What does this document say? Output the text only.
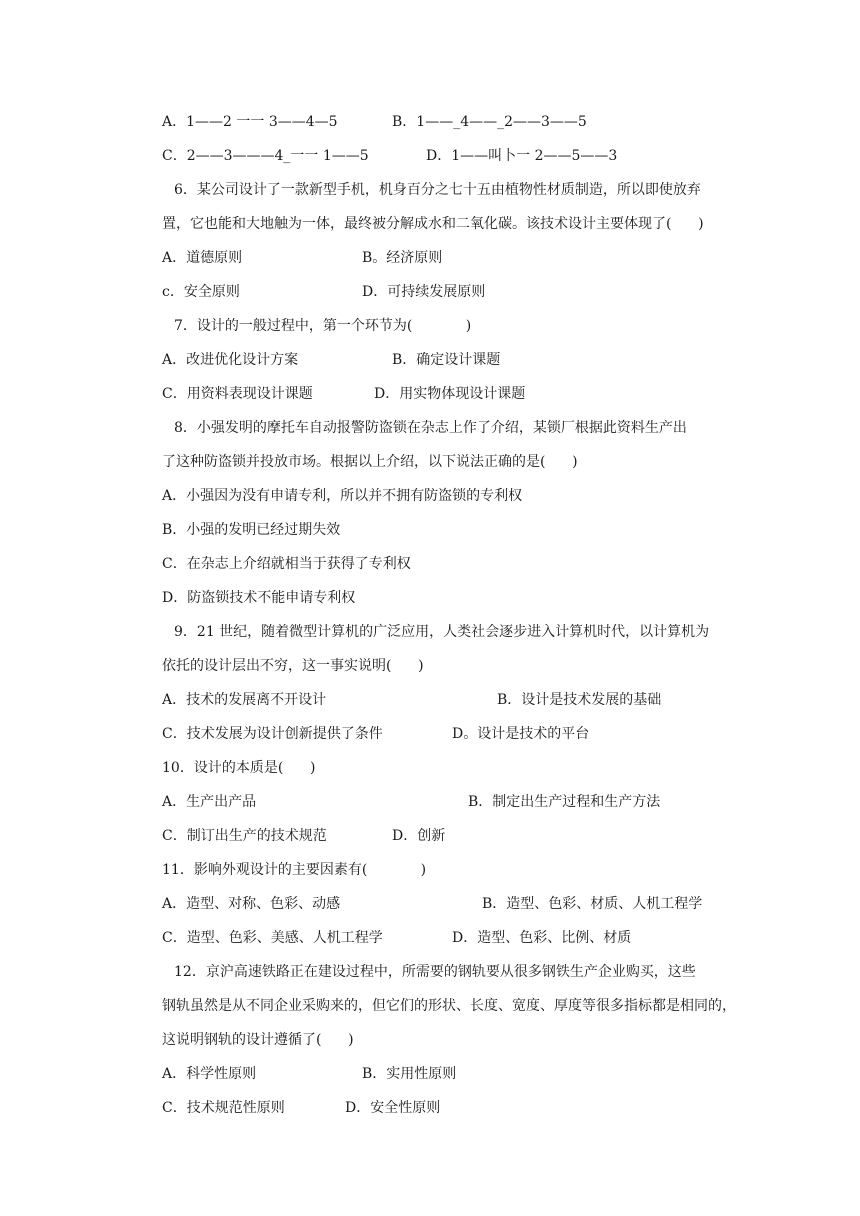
A．1——2 一一 3——4—5	B．1——_4——_2——3——5
C．2——3———4_一一 1——5	D．1——叫卜一 2——5——3
6．某公司设计了一款新型手机，机身百分之七十五由植物性材质制造，所以即使放弃
置，它也能和大地触为一体，最终被分解成水和二氧化碳。该技术设计主要体现了(      )
A．道德原则	B。经济原则
c．安全原则	D．可持续发展原则
7．设计的一般过程中，第一个环节为(            )
A．改进优化设计方案	B．确定设计课题
C．用资料表现设计课题	D．用实物体现设计课题
8．小强发明的摩托车自动报警防盗锁在杂志上作了介绍，某锁厂根据此资料生产出
了这种防盗锁并投放市场。根据以上介绍，以下说法正确的是(      )
A．小强因为没有申请专利，所以并不拥有防盗锁的专利权
B．小强的发明已经过期失效
C．在杂志上介绍就相当于获得了专利权
D．防盗锁技术不能申请专利权
9．21 世纪，随着微型计算机的广泛应用，人类社会逐步进入计算机时代，以计算机为
依托的设计层出不穷，这一事实说明(      )
A．技术的发展离不开设计	B．设计是技术发展的基础
C．技术发展为设计创新提供了条件	D。设计是技术的平台
10．设计的本质是(      )
A．生产出产品	B．制定出生产过程和生产方法
C．制订出生产的技术规范	D．创新
11．影响外观设计的主要因素有(            )
A．造型、对称、色彩、动感	B．造型、色彩、材质、人机工程学
C．造型、色彩、美感、人机工程学	D．造型、色彩、比例、材质
12．京沪高速铁路正在建设过程中，所需要的钢轨要从很多钢铁生产企业购买，这些
钢轨虽然是从不同企业采购来的，但它们的形状、长度、宽度、厚度等很多指标都是相同的，
这说明钢轨的设计遵循了(      )
A．科学性原则	B．实用性原则
C．技术规范性原则	D．安全性原则
